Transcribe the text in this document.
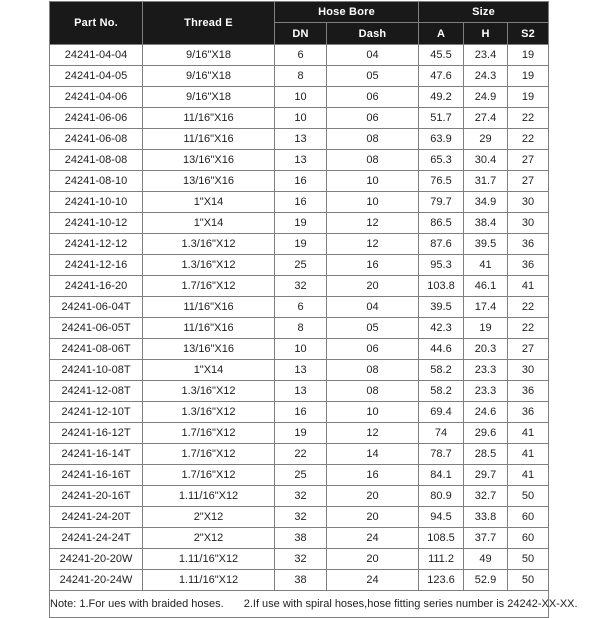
Part No.	Thread E	Hose Bore		Size		
		DN	Dash	A	H	S2
24241-04-04	9/16"X18	6	04	45.5	23.4	19
24241-04-05	9/16"X18	8	05	47.6	24.3	19
24241-04-06	9/16"X18	10	06	49.2	24.9	19
24241-06-06	11/16"X16	10	06	51.7	27.4	22
24241-06-08	11/16"X16	13	08	63.9	29	22
24241-08-08	13/16"X16	13	08	65.3	30.4	27
24241-08-10	13/16"X16	16	10	76.5	31.7	27
24241-10-10	1"X14	16	10	79.7	34.9	30
24241-10-12	1"X14	19	12	86.5	38.4	30
24241-12-12	1.3/16"X12	19	12	87.6	39.5	36
24241-12-16	1.3/16"X12	25	16	95.3	41	36
24241-16-20	1.7/16"X12	32	20	103.8	46.1	41
24241-06-04T	11/16"X16	6	04	39.5	17.4	22
24241-06-05T	11/16"X16	8	05	42.3	19	22
24241-08-06T	13/16"X16	10	06	44.6	20.3	27
24241-10-08T	1"X14	13	08	58.2	23.3	30
24241-12-08T	1.3/16"X12	13	08	58.2	23.3	36
24241-12-10T	1.3/16"X12	16	10	69.4	24.6	36
24241-16-12T	1.7/16"X12	19	12	74	29.6	41
24241-16-14T	1.7/16"X12	22	14	78.7	28.5	41
24241-16-16T	1.7/16"X12	25	16	84.1	29.7	41
24241-20-16T	1.11/16"X12	32	20	80.9	32.7	50
24241-24-20T	2"X12	32	20	94.5	33.8	60
24241-24-24T	2"X12	38	24	108.5	37.7	60
24241-20-20W	1.11/16"X12	32	20	111.2	49	50
24241-20-24W	1.11/16"X12	38	24	123.6	52.9	50
Note: 1.For ues with braided hoses. 2.If use with spiral hoses,hose fitting series number is 24242-XX-XX.						
